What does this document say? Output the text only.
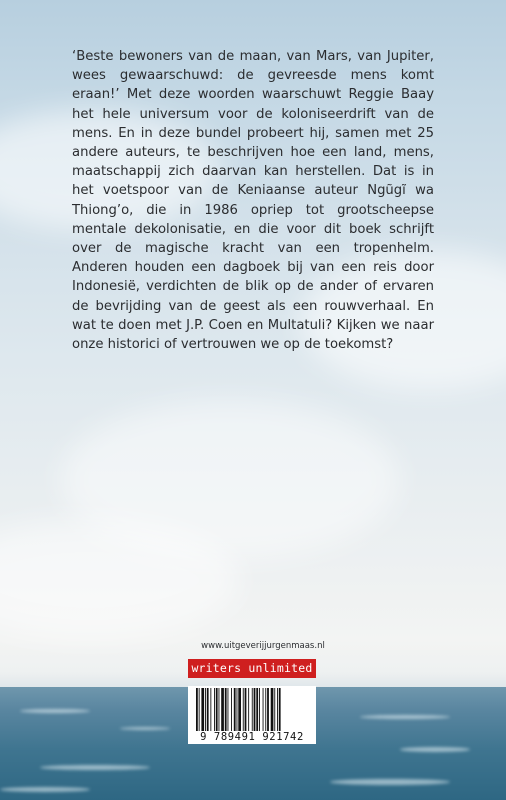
‘Beste bewoners van de maan, van Mars, van Jupiter, wees gewaarschuwd: de gevreesde mens komt eraan!’ Met deze woorden waarschuwt Reggie Baay het hele universum voor de koloniseerdrift van de mens. En in deze bundel probeert hij, samen met 25 andere auteurs, te beschrijven hoe een land, mens, maatschappij zich daarvan kan herstellen. Dat is in het voetspoor van de Keniaanse auteur Ngũgĩ wa Thiong’o, die in 1986 opriep tot grootscheepse mentale dekolonisatie, en die voor dit boek schrijft over de magische kracht van een tropenhelm. Anderen houden een dagboek bij van een reis door Indonesië, verdichten de blik op de ander of ervaren de bevrijding van de geest als een rouwverhaal. En wat te doen met J.P. Coen en Multatuli? Kijken we naar onze historici of vertrouwen we op de toekomst?

www.uitgeverijjurgenmaas.nl

writers unlimited
9 789491 921742
